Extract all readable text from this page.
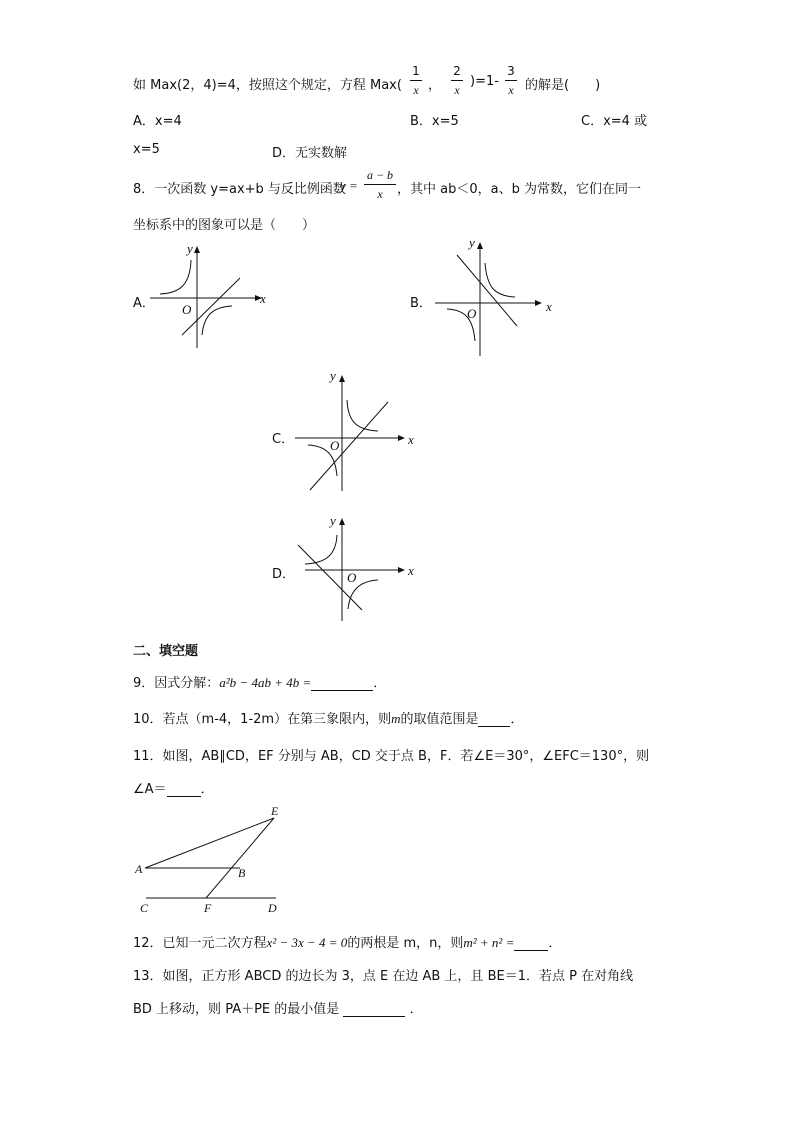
如 Max(2，4)=4，按照这个规定，方程 Max(
1
x ，
2
x
)=1-
3
x 的解是(　　)
A．x=4	B．x=5	C．x=4 或
x=5	D．无实数解
8．一次函数 y=ax+b 与反比例函数
y =
a − b
x	，其中 ab＜0，a、b 为常数，它们在同一
坐标系中的图象可以是（　　）
A．	x
y
O	B．	x
y
O
C．	x
y
O
D．	x
y
O
二、填空题
9．因式分解：a²b − 4ab + 4b =	．
10．若点（m-4，1-2m）在第三象限内，则m的取值范围是 ．
11．如图，AB∥CD，EF 分别与 AB，CD 交于点 B，F．若∠E＝30°，∠EFC＝130°，则
∠A＝	．
E
A	B
C	F	D
12．已知一元二次方程x² − 3x − 4 = 0的两根是 m，n，则m² + n² =	．
13．如图，正方形 ABCD 的边长为 3，点 E 在边 AB 上，且 BE＝1．若点 P 在对角线
BD 上移动，则 PA＋PE 的最小值是	．
